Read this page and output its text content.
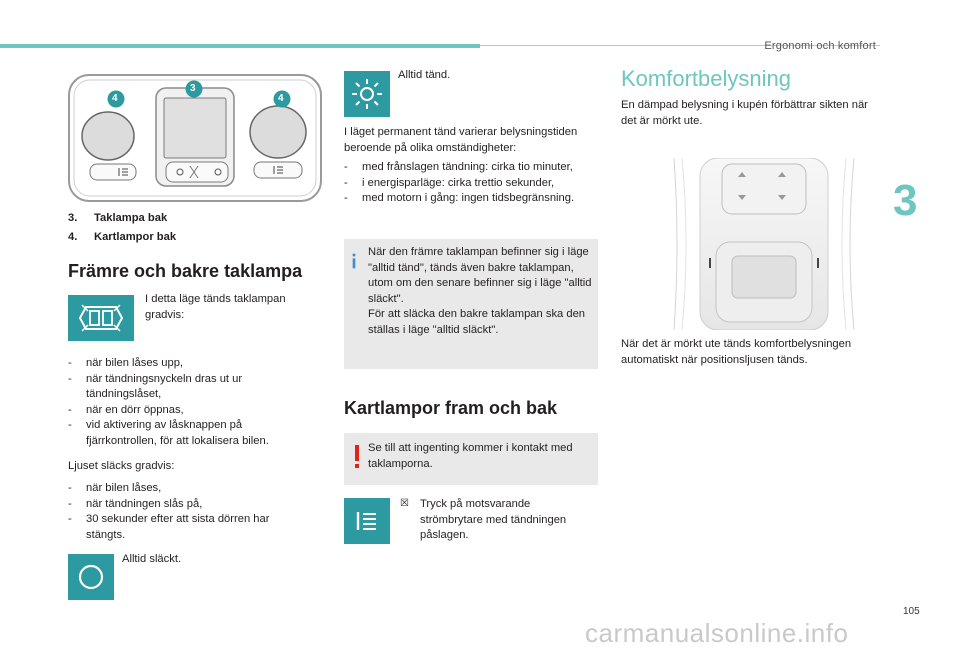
Ergonomi och komfort
3
105
carmanualsonline.info
4
3
4
3. Taklampa bak
4. Kartlampor bak
Främre och bakre taklampa
I detta läge tänds taklampan gradvis:
- när bilen låses upp,
- när tändningsnyckeln dras ut ur tändningslåset,
- när en dörr öppnas,
- vid aktivering av låsknappen på fjärrkontrollen, för att lokalisera bilen.
Ljuset släcks gradvis:
- när bilen låses,
- när tändningen slås på,
- 30 sekunder efter att sista dörren har stängts.
Alltid släckt.
Alltid tänd.
I läget permanent tänd varierar belysningstiden beroende på olika omständigheter:
- med frånslagen tändning: cirka tio minuter,
- i energisparläge: cirka trettio sekunder,
- med motorn i gång: ingen tidsbegränsning.
När den främre taklampan befinner sig i läge "alltid tänd", tänds även bakre taklampan, utom om den senare befinner sig i läge "alltid släckt".
För att släcka den bakre taklampan ska den ställas i läge "alltid släckt".
Kartlampor fram och bak
Se till att ingenting kommer i kontakt med taklamporna.
☒ Tryck på motsvarande strömbrytare med tändningen påslagen.
Komfortbelysning
En dämpad belysning i kupén förbättrar sikten när det är mörkt ute.
När det är mörkt ute tänds komfortbelysningen automatiskt när positionsljusen tänds.
